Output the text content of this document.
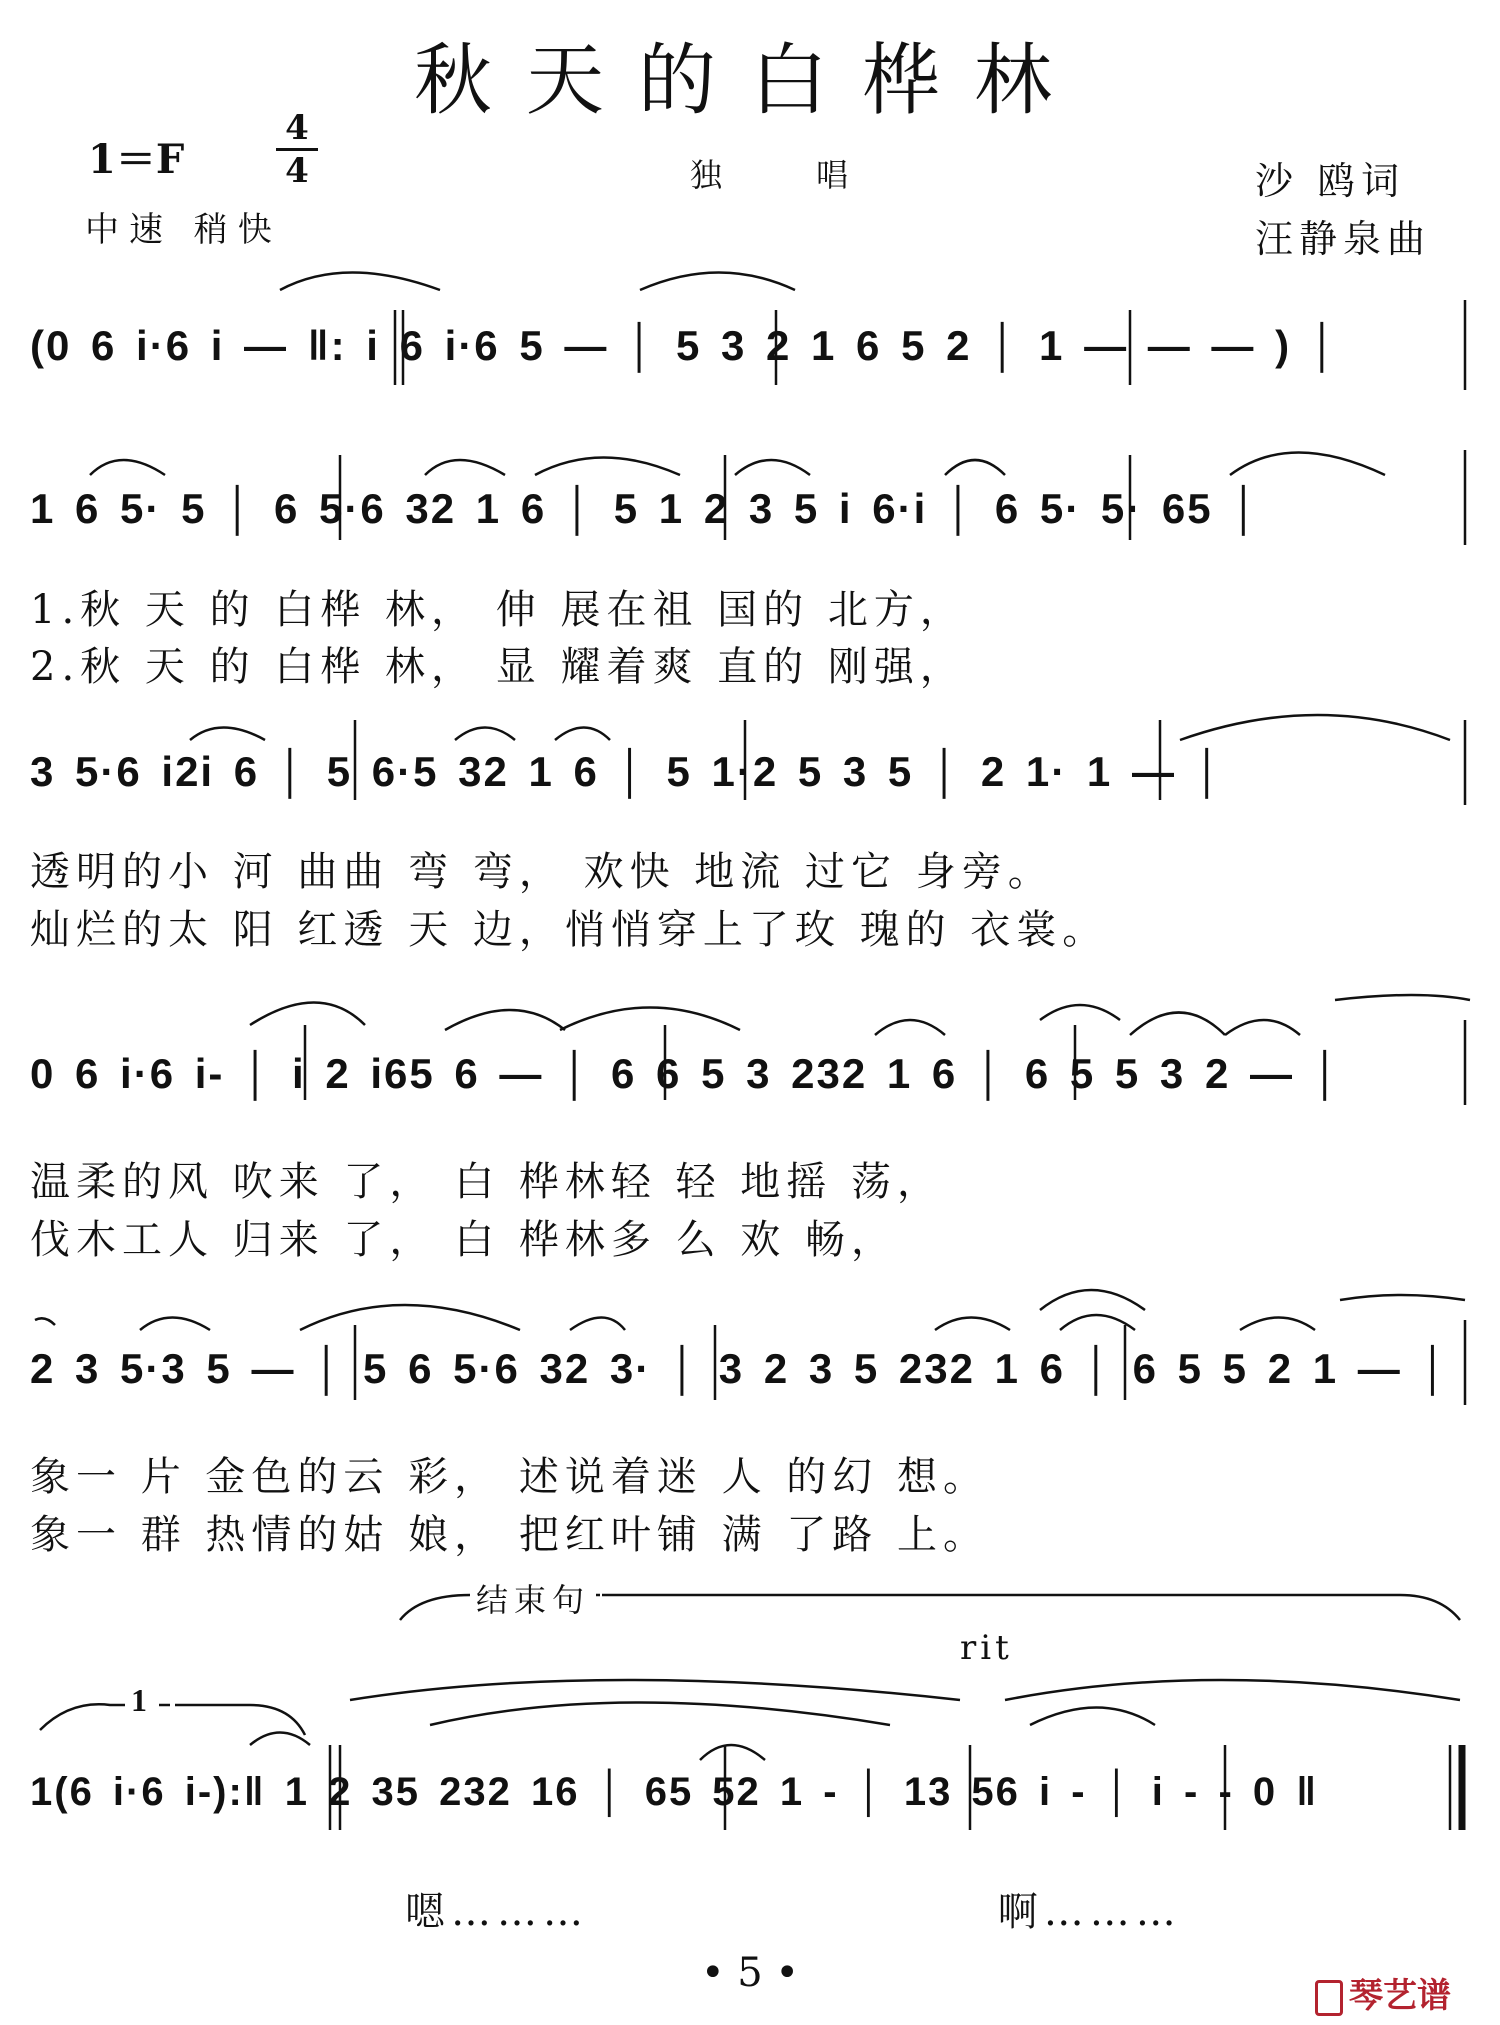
秋天的白桦林
1＝F
4
4
中速 稍快
独 唱	沙 鸥词
汪静泉曲
(0 6 i·6 i — ‖: i 6 i·6 5 — │ 5 3 2 1 6 5 2 │ 1 — — — ) │
1 6 5· 5 │ 6 5·6 32 1 6 │ 5 1 2 3 5 i 6·i │ 6 5· 5· 65 │
1.秋 天 的 白桦 林， 伸 展在祖 国的 北方，
2.秋 天 的 白桦 林， 显 耀着爽 直的 刚强，
3 5·6 i2i 6 │ 5 6·5 32 1 6 │ 5 1·2 5 3 5 │ 2 1· 1 — │
透明的小 河 曲曲 弯 弯， 欢快 地流 过它 身旁。
灿烂的太 阳 红透 天 边，悄悄穿上了玫 瑰的 衣裳。
0 6 i·6 i- │ i 2 i65 6 — │ 6 6 5 3 232 1 6 │ 6 5 5 3 2 — │
温柔的风 吹来 了， 白 桦林轻 轻 地摇 荡，
伐木工人 归来 了， 白 桦林多 么 欢 畅，
2 3 5·3 5 — │ 5 6 5·6 32 3· │ 3 2 3 5 232 1 6 │ 6 5 5 2 1 — │
象一 片 金色的云 彩， 述说着迷 人 的幻 想。
象一 群 热情的姑 娘， 把红叶铺 满 了路 上。
结束句
rit
1
1(6 i·6 i-):‖ 1 2 35 232 16 │ 65 52 1 - │ 13 56 i - │ i - - 0 ‖
嗯……… 啊………
• 5 •	琴艺谱
